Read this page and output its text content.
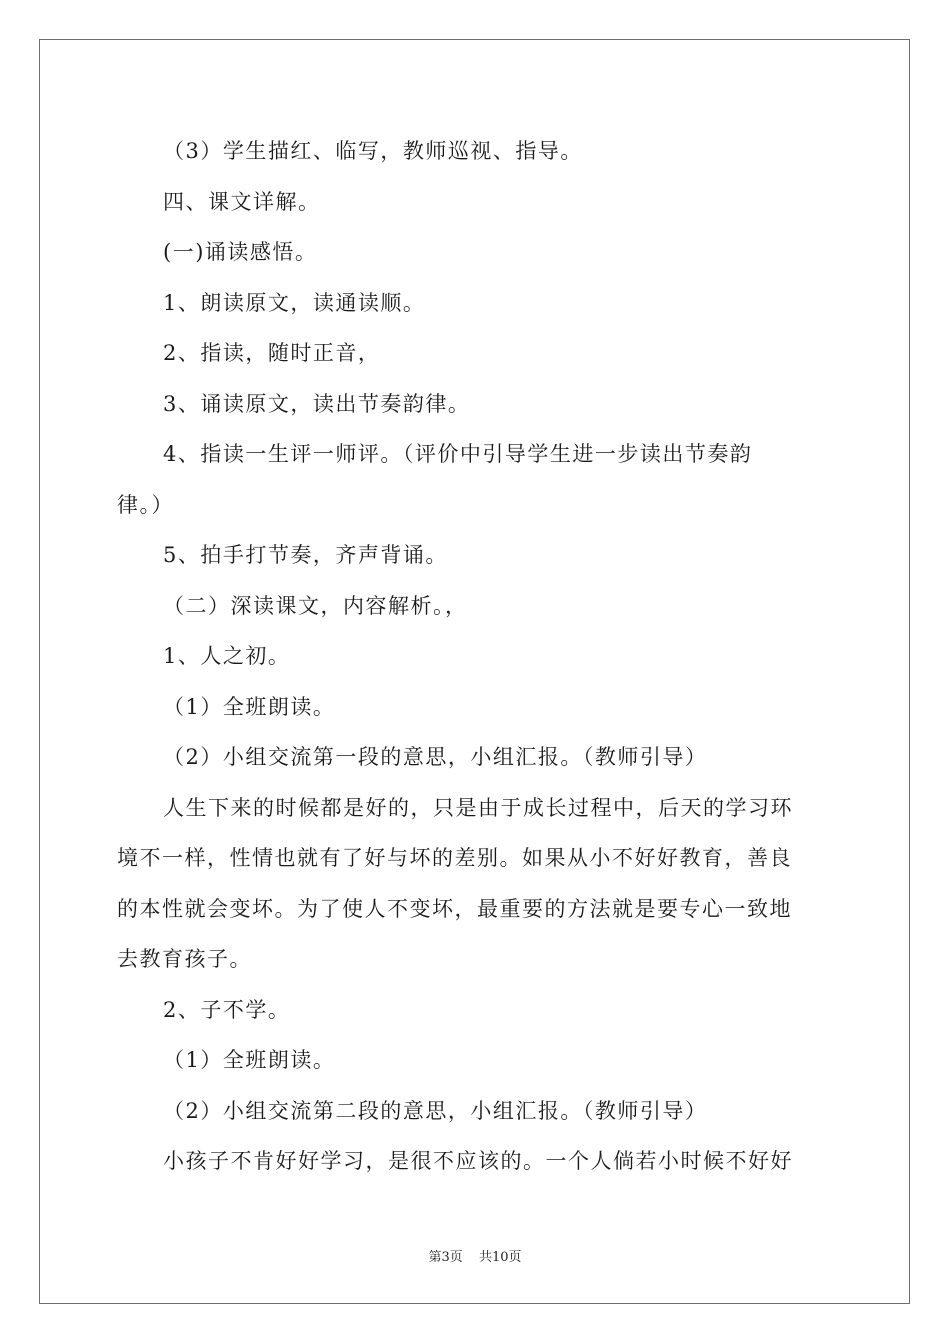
（3）学生描红、临写，教师巡视、指导。
四、课文详解。
(一)诵读感悟。
1、朗读原文，读通读顺。
2、指读，随时正音，
3、诵读原文，读出节奏韵律。
4、指读一生评一师评。（评价中引导学生进一步读出节奏韵
律。）
5、拍手打节奏，齐声背诵。
（二）深读课文，内容解析。，
1、人之初。
（1）全班朗读。
（2）小组交流第一段的意思，小组汇报。（教师引导）
人生下来的时候都是好的，只是由于成长过程中，后天的学习环
境不一样，性情也就有了好与坏的差别。如果从小不好好教育，善良
的本性就会变坏。为了使人不变坏，最重要的方法就是要专心一致地
去教育孩子。
2、子不学。
（1）全班朗读。
（2）小组交流第二段的意思，小组汇报。（教师引导）
小孩子不肯好好学习，是很不应该的。一个人倘若小时候不好好
第3页 共10页
